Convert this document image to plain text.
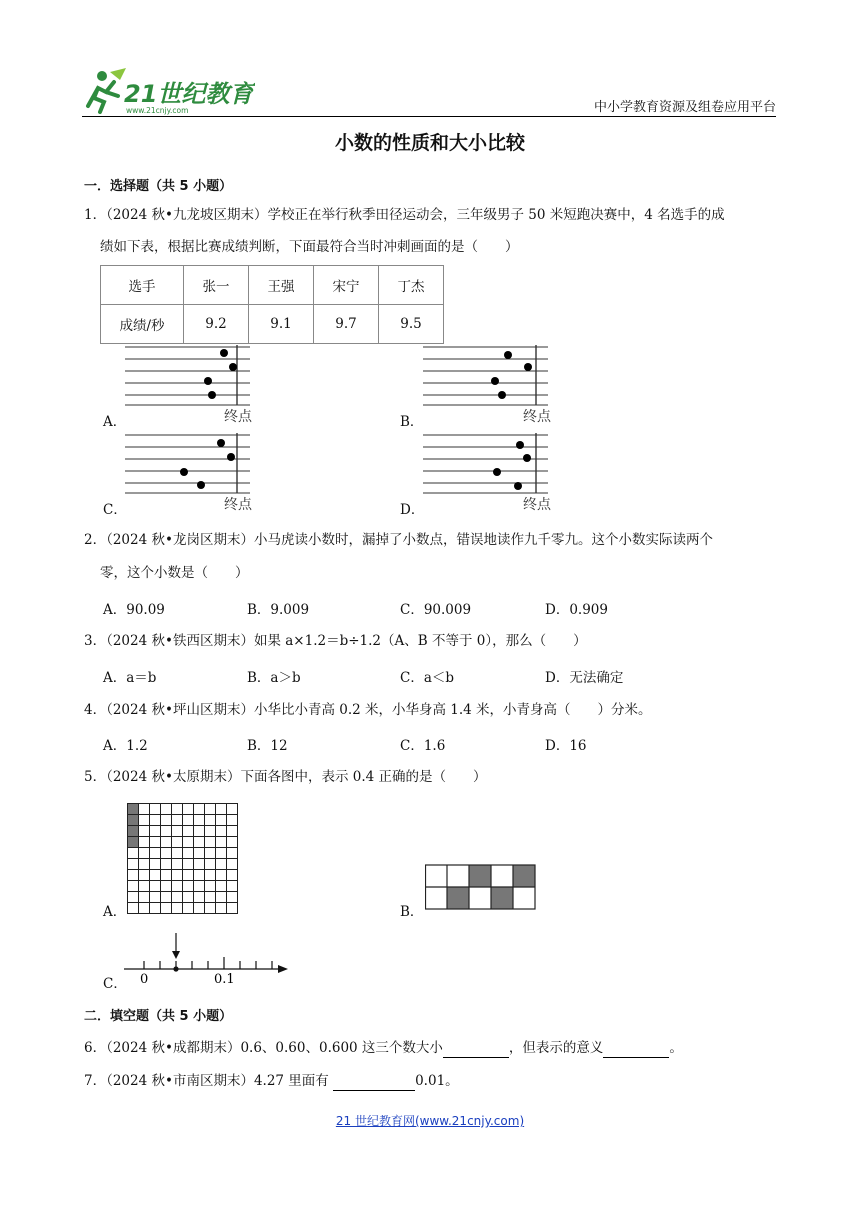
21世纪教育
www.21cnjy.com	中小学教育资源及组卷应用平台
小数的性质和大小比较
一．选择题（共 5 小题）
1．（2024 秋•九龙坡区期末）学校正在举行秋季田径运动会，三年级男子 50 米短跑决赛中，4 名选手的成
绩如下表，根据比赛成绩判断，下面最符合当时冲刺画面的是（　　）
选手	张一	王强	宋宁	丁杰
成绩/秒	9.2	9.1	9.7	9.5
A．	终点	B．	终点
C．	终点	D．	终点
2．（2024 秋•龙岗区期末）小马虎读小数时，漏掉了小数点，错误地读作九千零九。这个小数实际读两个
零，这个小数是（　　）
A．90.09	B．9.009	C．90.009	D．0.909
3．（2024 秋•铁西区期末）如果 a×1.2＝b÷1.2（A、B 不等于 0），那么（　　）
A．a＝b	B．a＞b	C．a＜b	D．无法确定
4．（2024 秋•坪山区期末）小华比小青高 0.2 米，小华身高 1.4 米，小青身高（　　）分米。
A．1.2	B．12	C．1.6	D．16
5．（2024 秋•太原期末）下面各图中，表示 0.4 正确的是（　　）
A．	B．
C． 0	0.1
二．填空题（共 5 小题）
6．（2024 秋•成都期末）0.6、0.60、0.600 这三个数大小	，但表示的意义	。
7．（2024 秋•市南区期末）4.27 里面有	0.01。
21 世纪教育网(www.21cnjy.com)
